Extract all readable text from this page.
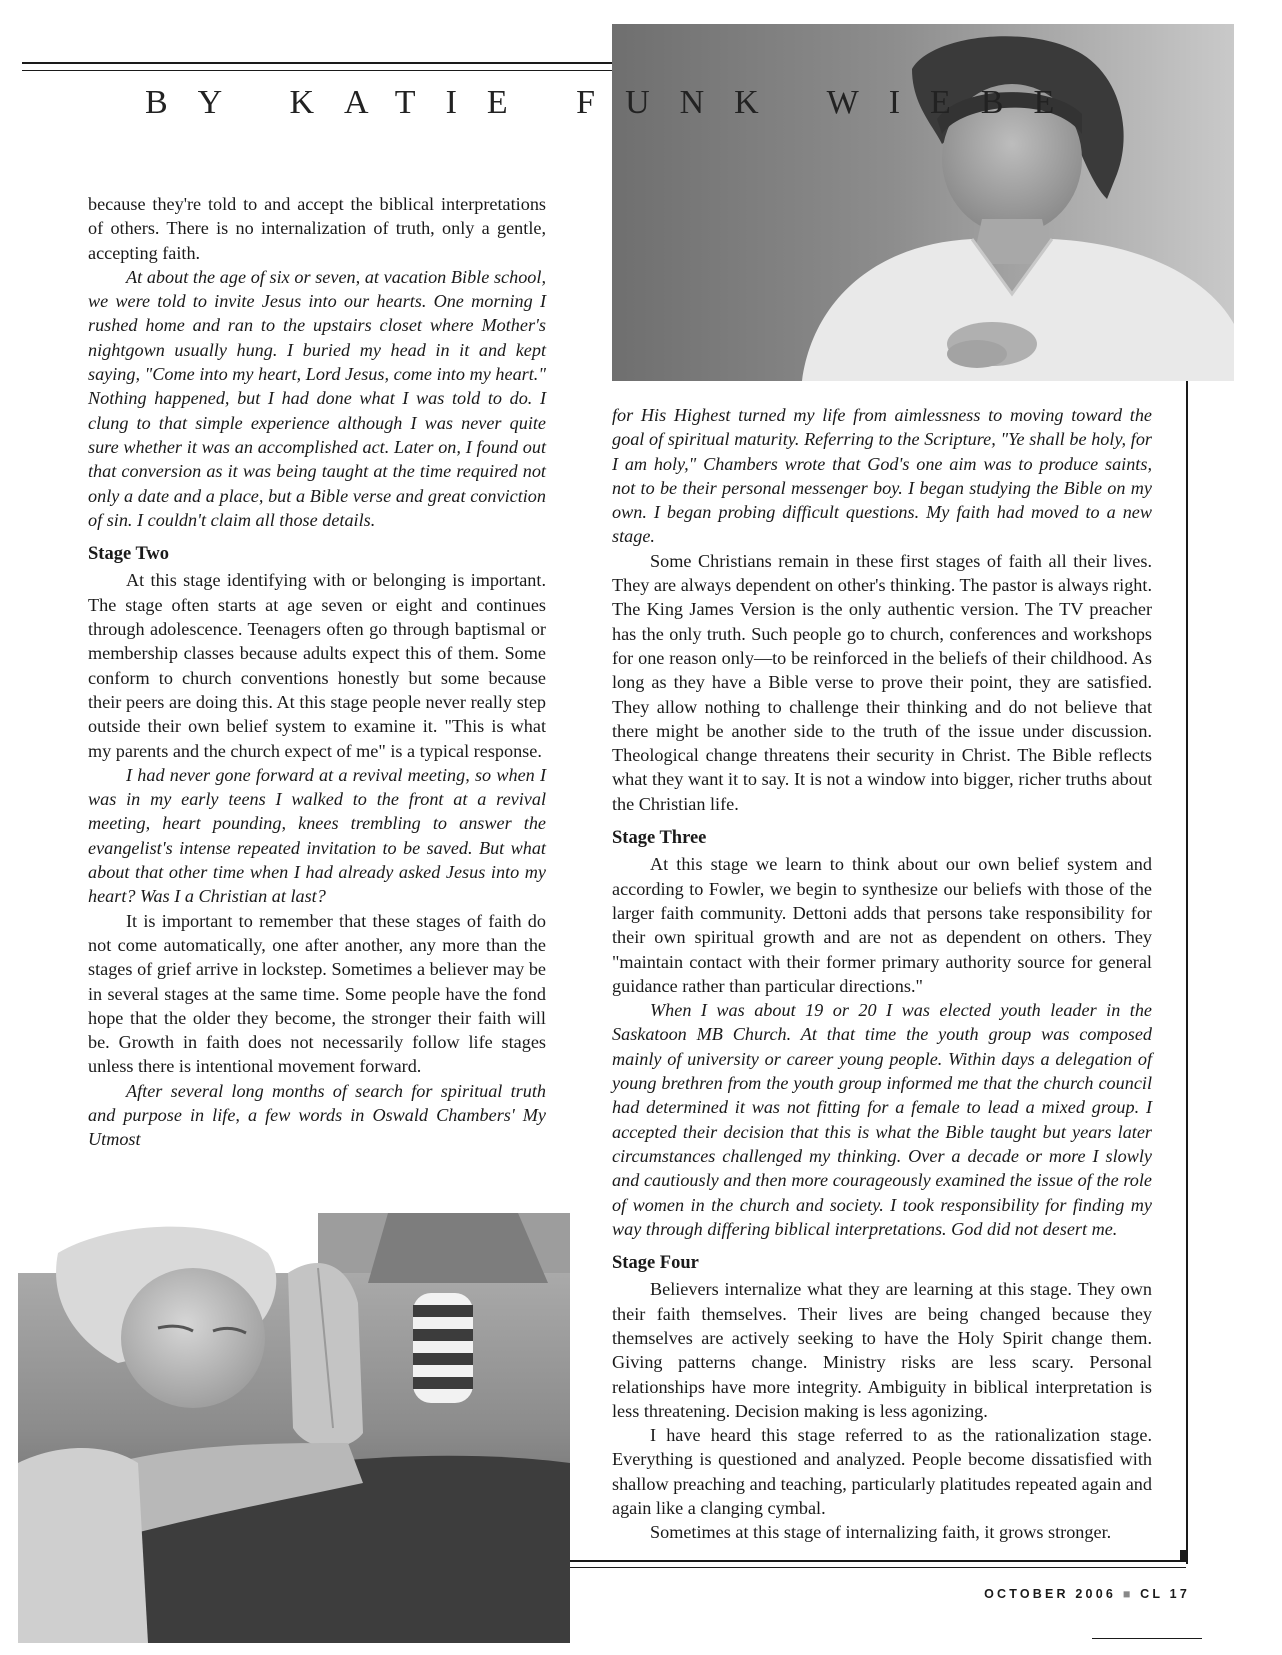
BY KATIE FUNK WIEBE

because they're told to and accept the biblical interpretations of others. There is no internalization of truth, only a gentle, accepting faith.

At about the age of six or seven, at vacation Bible school, we were told to invite Jesus into our hearts. One morning I rushed home and ran to the upstairs closet where Mother's nightgown usually hung. I buried my head in it and kept saying, "Come into my heart, Lord Jesus, come into my heart." Nothing happened, but I had done what I was told to do. I clung to that simple experience although I was never quite sure whether it was an accomplished act. Later on, I found out that conversion as it was being taught at the time required not only a date and a place, but a Bible verse and great conviction of sin. I couldn't claim all those details.

Stage Two

At this stage identifying with or belonging is important. The stage often starts at age seven or eight and continues through adolescence. Teenagers often go through baptismal or membership classes because adults expect this of them. Some conform to church conventions honestly but some because their peers are doing this. At this stage people never really step outside their own belief system to examine it. "This is what my parents and the church expect of me" is a typical response.

I had never gone forward at a revival meeting, so when I was in my early teens I walked to the front at a revival meeting, heart pounding, knees trembling to answer the evangelist's intense repeated invitation to be saved. But what about that other time when I had already asked Jesus into my heart? Was I a Christian at last?

It is important to remember that these stages of faith do not come automatically, one after another, any more than the stages of grief arrive in lockstep. Sometimes a believer may be in several stages at the same time. Some people have the fond hope that the older they become, the stronger their faith will be. Growth in faith does not necessarily follow life stages unless there is intentional movement forward.

After several long months of search for spiritual truth and purpose in life, a few words in Oswald Chambers' My Utmost

for His Highest turned my life from aimlessness to moving toward the goal of spiritual maturity. Referring to the Scripture, "Ye shall be holy, for I am holy," Chambers wrote that God's one aim was to produce saints, not to be their personal messenger boy. I began studying the Bible on my own. I began probing difficult questions. My faith had moved to a new stage.

Some Christians remain in these first stages of faith all their lives. They are always dependent on other's thinking. The pastor is always right. The King James Version is the only authentic version. The TV preacher has the only truth. Such people go to church, conferences and workshops for one reason only—to be reinforced in the beliefs of their childhood. As long as they have a Bible verse to prove their point, they are satisfied. They allow nothing to challenge their thinking and do not believe that there might be another side to the truth of the issue under discussion. Theological change threatens their security in Christ. The Bible reflects what they want it to say. It is not a window into bigger, richer truths about the Christian life.

Stage Three

At this stage we learn to think about our own belief system and according to Fowler, we begin to synthesize our beliefs with those of the larger faith community. Dettoni adds that persons take responsibility for their own spiritual growth and are not as dependent on others. They "maintain contact with their former primary authority source for general guidance rather than particular directions."

When I was about 19 or 20 I was elected youth leader in the Saskatoon MB Church. At that time the youth group was composed mainly of university or career young people. Within days a delegation of young brethren from the youth group informed me that the church council had determined it was not fitting for a female to lead a mixed group. I accepted their decision that this is what the Bible taught but years later circumstances challenged my thinking. Over a decade or more I slowly and cautiously and then more courageously examined the issue of the role of women in the church and society. I took responsibility for finding my way through differing biblical interpretations. God did not desert me.

Stage Four

Believers internalize what they are learning at this stage. They own their faith themselves. Their lives are being changed because they themselves are actively seeking to have the Holy Spirit change them. Giving patterns change. Ministry risks are less scary. Personal relationships have more integrity. Ambiguity in biblical interpretation is less threatening. Decision making is less agonizing.

I have heard this stage referred to as the rationalization stage. Everything is questioned and analyzed. People become dissatisfied with shallow preaching and teaching, particularly platitudes repeated again and again like a clanging cymbal.

Sometimes at this stage of internalizing faith, it grows stronger.

OCTOBER 2006 ■ CL 17
